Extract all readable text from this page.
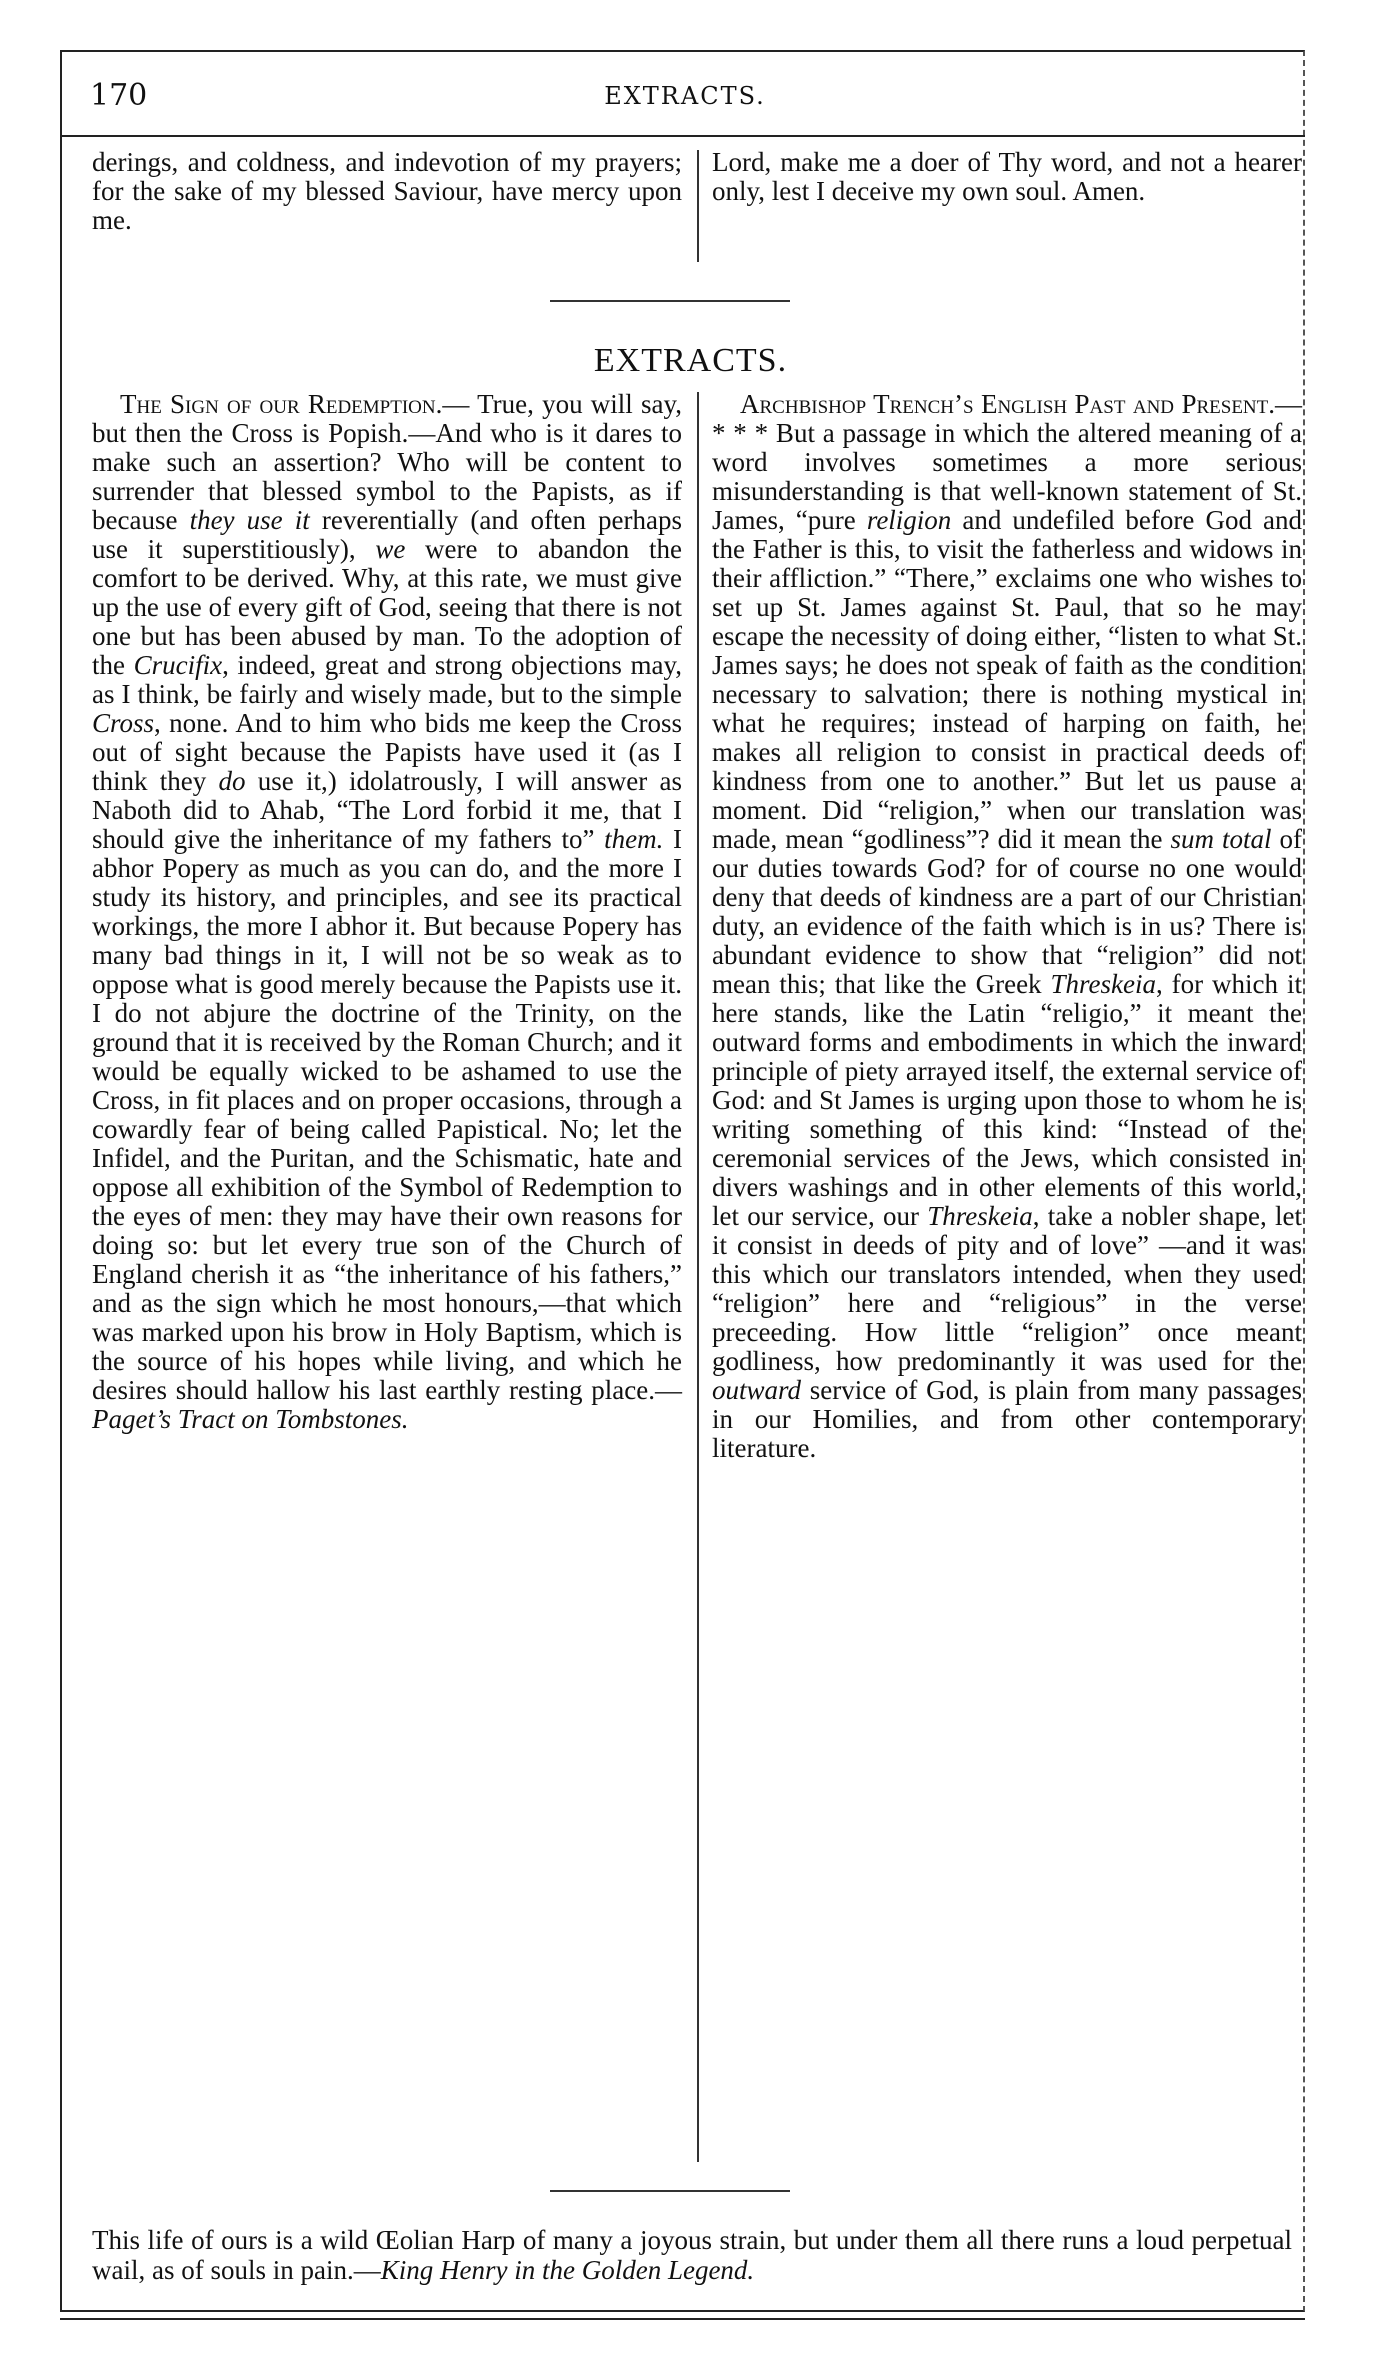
170	EXTRACTS.

derings, and coldness, and indevotion of my prayers; for the sake of my blessed Saviour, have mercy upon me.

Lord, make me a doer of Thy word, and not a hearer only, lest I deceive my own soul. Amen.

EXTRACTS.

The Sign of our Redemption.— True, you will say, but then the Cross is Popish.—And who is it dares to make such an assertion? Who will be content to surrender that blessed symbol to the Papists, as if because they use it reverentially (and often perhaps use it superstitiously), we were to abandon the comfort to be derived. Why, at this rate, we must give up the use of every gift of God, seeing that there is not one but has been abused by man. To the adoption of the Crucifix, indeed, great and strong objections may, as I think, be fairly and wisely made, but to the simple Cross, none. And to him who bids me keep the Cross out of sight because the Papists have used it (as I think they do use it,) idolatrously, I will answer as Naboth did to Ahab, “The Lord forbid it me, that I should give the inheritance of my fathers to” them. I abhor Popery as much as you can do, and the more I study its history, and principles, and see its practical workings, the more I abhor it. But because Popery has many bad things in it, I will not be so weak as to oppose what is good merely because the Papists use it. I do not abjure the doctrine of the Trinity, on the ground that it is received by the Roman Church; and it would be equally wicked to be ashamed to use the Cross, in fit places and on proper occasions, through a cowardly fear of being called Papistical. No; let the Infidel, and the Puritan, and the Schismatic, hate and oppose all exhibition of the Symbol of Redemption to the eyes of men: they may have their own reasons for doing so: but let every true son of the Church of England cherish it as “the inheritance of his fathers,” and as the sign which he most honours,—that which was marked upon his brow in Holy Baptism, which is the source of his hopes while living, and which he desires should hallow his last earthly resting place.—Paget’s Tract on Tombstones.

Archbishop Trench’s English Past and Present.— * * * But a passage in which the altered meaning of a word involves sometimes a more serious misunderstanding is that well-known statement of St. James, “pure religion and undefiled before God and the Father is this, to visit the fatherless and widows in their affliction.” “There,” exclaims one who wishes to set up St. James against St. Paul, that so he may escape the necessity of doing either, “listen to what St. James says; he does not speak of faith as the condition necessary to salvation; there is nothing mystical in what he requires; instead of harping on faith, he makes all religion to consist in practical deeds of kindness from one to another.” But let us pause a moment. Did “religion,” when our translation was made, mean “godliness”? did it mean the sum total of our duties towards God? for of course no one would deny that deeds of kindness are a part of our Christian duty, an evidence of the faith which is in us? There is abundant evidence to show that “religion” did not mean this; that like the Greek Threskeia, for which it here stands, like the Latin “religio,” it meant the outward forms and embodiments in which the inward principle of piety arrayed itself, the external service of God: and St James is urging upon those to whom he is writing something of this kind: “Instead of the ceremonial services of the Jews, which consisted in divers washings and in other elements of this world, let our service, our Threskeia, take a nobler shape, let it consist in deeds of pity and of love” —and it was this which our translators intended, when they used “religion” here and “religious” in the verse preceeding. How little “religion” once meant godliness, how predominantly it was used for the outward service of God, is plain from many passages in our Homilies, and from other contemporary literature.

This life of ours is a wild Œolian Harp of many a joyous strain, but under them all there runs a loud perpetual wail, as of souls in pain.—King Henry in the Golden Legend.
